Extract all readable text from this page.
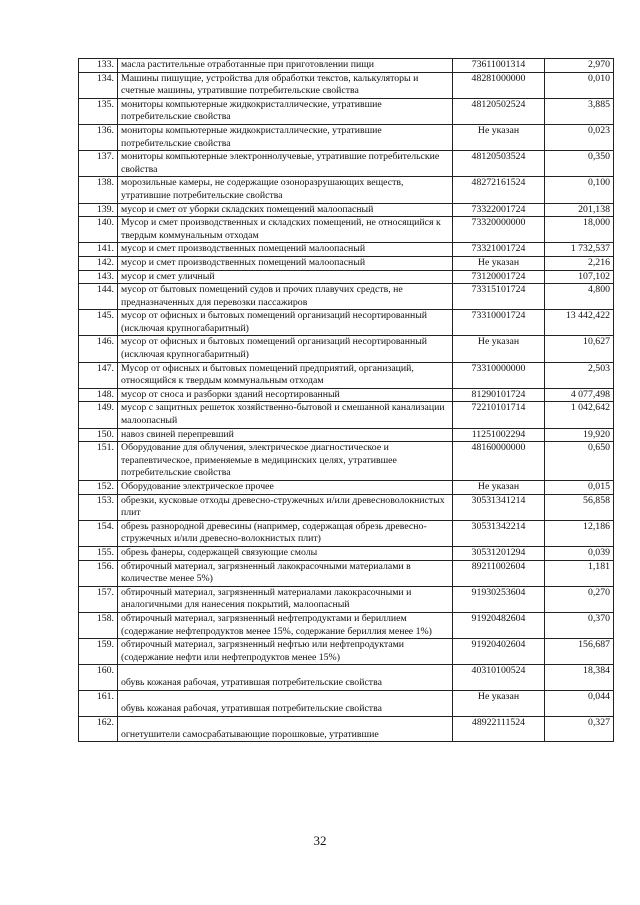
133.	масла растительные отработанные при приготовлении пищи	73611001314	2,970
134.	Машины пишущие, устройства для обработки текстов, калькуляторы и счетные машины, утратившие потребительские свойства	48281000000	0,010
135.	мониторы компьютерные жидкокристаллические, утратившие потребительские свойства	48120502524	3,885
136.	мониторы компьютерные жидкокристаллические, утратившие потребительские свойства	Не указан	0,023
137.	мониторы компьютерные электроннолучевые, утратившие потребительские свойства	48120503524	0,350
138.	морозильные камеры, не содержащие озоноразрушающих веществ, утратившие потребительские свойства	48272161524	0,100
139.	мусор и смет от уборки складских помещений малоопасный	73322001724	201,138
140.	Мусор и смет производственных и складских помещений, не относящийся к твердым коммунальным отходам	73320000000	18,000
141.	мусор и смет производственных помещений малоопасный	73321001724	1 732,537
142.	мусор и смет производственных помещений малоопасный	Не указан	2,216
143.	мусор и смет уличный	73120001724	107,102
144.	мусор от бытовых помещений судов и прочих плавучих средств, не предназначенных для перевозки пассажиров	73315101724	4,800
145.	мусор от офисных и бытовых помещений организаций несортированный (исключая крупногабаритный)	73310001724	13 442,422
146.	мусор от офисных и бытовых помещений организаций несортированный (исключая крупногабаритный)	Не указан	10,627
147.	Мусор от офисных и бытовых помещений предприятий, организаций, относящийся к твердым коммунальным отходам	73310000000	2,503
148.	мусор от сноса и разборки зданий несортированный	81290101724	4 077,498
149.	мусор с защитных решеток хозяйственно-бытовой и смешанной канализации малоопасный	72210101714	1 042,642
150.	навоз свиней перепревший	11251002294	19,920
151.	Оборудование для облучения, электрическое диагностическое и терапевтическое, применяемые в медицинских целях, утратившее потребительские свойства	48160000000	0,650
152.	Оборудование электрическое прочее	Не указан	0,015
153.	обрезки, кусковые отходы древесно-стружечных и/или древесноволокнистых плит	30531341214	56,858
154.	обрезь разнородной древесины (например, содержащая обрезь древесно-стружечных и/или древесно-волокнистых плит)	30531342214	12,186
155.	обрезь фанеры, содержащей связующие смолы	30531201294	0,039
156.	обтирочный материал, загрязненный лакокрасочными материалами в количестве менее 5%)	89211002604	1,181
157.	обтирочный материал, загрязненный материалами лакокрасочными и аналогичными для нанесения покрытий, малоопасный	91930253604	0,270
158.	обтирочный материал, загрязненный нефтепродуктами и бериллием (содержание нефтепродуктов менее 15%, содержание бериллия менее 1%)	91920482604	0,370
159.	обтирочный материал, загрязненный нефтью или нефтепродуктами (содержание нефти или нефтепродуктов менее 15%)	91920402604	156,687
160.	обувь кожаная рабочая, утратившая потребительские свойства	40310100524	18,384
161.	обувь кожаная рабочая, утратившая потребительские свойства	Не указан	0,044
162.	огнетушители самосрабатывающие порошковые, утратившие	48922111524	0,327
32
